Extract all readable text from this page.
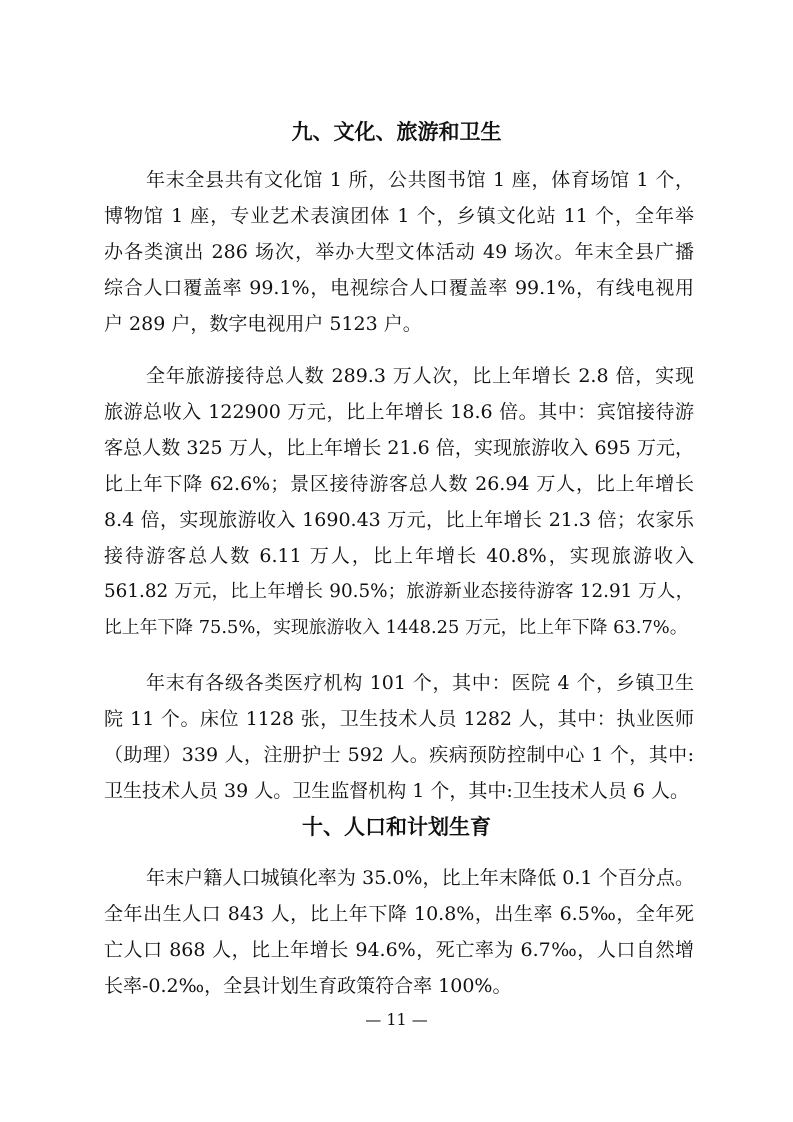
九、文化、旅游和卫生

年末全县共有文化馆 1 所，公共图书馆 1 座，体育场馆 1 个，
博物馆 1 座，专业艺术表演团体 1 个，乡镇文化站 11 个，全年举
办各类演出 286 场次，举办大型文体活动 49 场次。年末全县广播
综合人口覆盖率 99.1%，电视综合人口覆盖率 99.1%，有线电视用
户 289 户，数字电视用户 5123 户。

全年旅游接待总人数 289.3 万人次，比上年增长 2.8 倍，实现
旅游总收入 122900 万元，比上年增长 18.6 倍。其中：宾馆接待游
客总人数 325 万人，比上年增长 21.6 倍，实现旅游收入 695 万元，
比上年下降 62.6%；景区接待游客总人数 26.94 万人，比上年增长
8.4 倍，实现旅游收入 1690.43 万元，比上年增长 21.3 倍；农家乐
接待游客总人数 6.11 万人，比上年增长 40.8%，实现旅游收入
561.82 万元，比上年增长 90.5%；旅游新业态接待游客 12.91 万人，
比上年下降 75.5%，实现旅游收入 1448.25 万元，比上年下降 63.7%。

年末有各级各类医疗机构 101 个，其中：医院 4 个，乡镇卫生
院 11 个。床位 1128 张，卫生技术人员 1282 人，其中：执业医师
（助理）339 人，注册护士 592 人。疾病预防控制中心 1 个，其中:
卫生技术人员 39 人。卫生监督机构 1 个，其中:卫生技术人员 6 人。

十、人口和计划生育

年末户籍人口城镇化率为 35.0%，比上年末降低 0.1 个百分点。
全年出生人口 843 人，比上年下降 10.8%，出生率 6.5‰，全年死
亡人口 868 人，比上年增长 94.6%，死亡率为 6.7‰，人口自然增
长率-0.2‰，全县计划生育政策符合率 100%。

— 11 —
